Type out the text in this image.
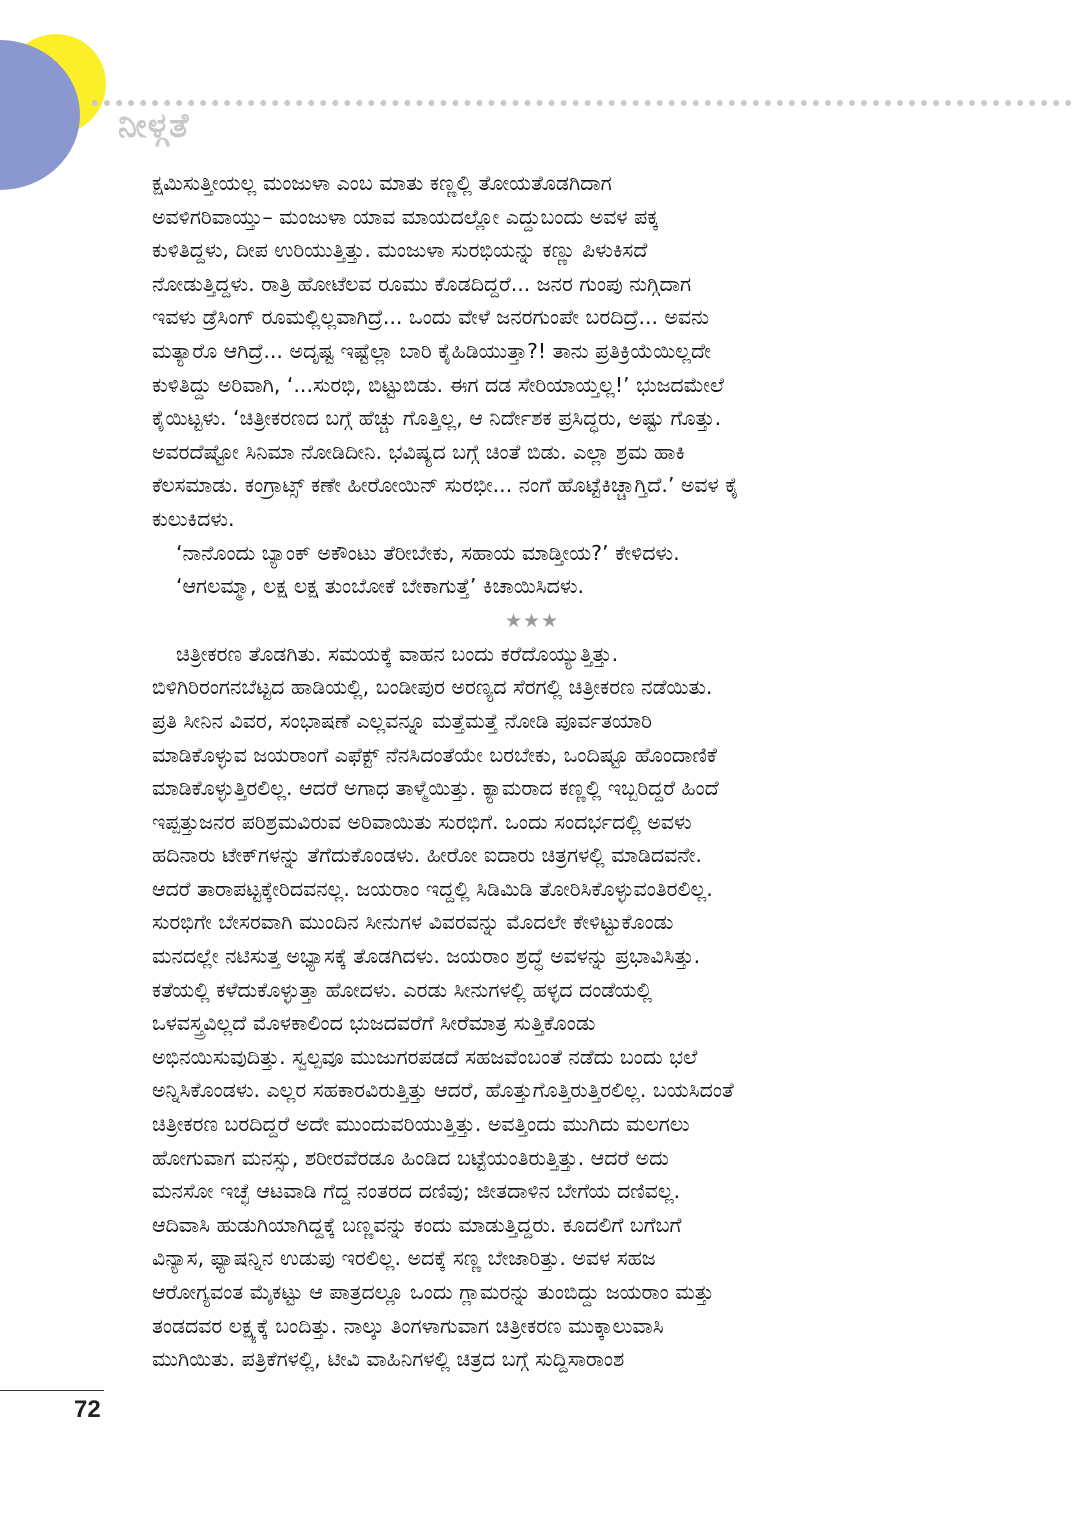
ನೀಳ್ಗತೆ

ಕ್ಷಮಿಸುತ್ತೀಯಲ್ಲ ಮಂಜುಳಾ ಎಂಬ ಮಾತು ಕಣ್ಣಲ್ಲಿ ತೋಯತೊಡಗಿದಾಗ

ಅವಳಿಗರಿವಾಯ್ತು– ಮಂಜುಳಾ ಯಾವ ಮಾಯದಲ್ಲೋ ಎದ್ದುಬಂದು ಅವಳ ಪಕ್ಕ

ಕುಳಿತಿದ್ದಳು, ದೀಪ ಉರಿಯುತ್ತಿತ್ತು. ಮಂಜುಳಾ ಸುರಭಿಯನ್ನು ಕಣ್ಣು ಪಿಳುಕಿಸದೆ

ನೋಡುತ್ತಿದ್ದಳು. ರಾತ್ರಿ ಹೋಟೆಲವ ರೂಮು ಕೊಡದಿದ್ದರೆ... ಜನರ ಗುಂಪು ನುಗ್ಗಿದಾಗ

ಇವಳು ಡ್ರೆಸಿಂಗ್ ರೂಮಲ್ಲಿಲ್ಲವಾಗಿದ್ರೆ... ಒಂದು ವೇಳೆ ಜನರಗುಂಪೇ ಬರದಿದ್ರೆ... ಅವನು

ಮತ್ಯಾರೊ ಆಗಿದ್ರೆ... ಅದೃಷ್ಟ ಇಷ್ಟೆಲ್ಲಾ ಬಾರಿ ಕೈಹಿಡಿಯುತ್ತಾ?! ತಾನು ಪ್ರತಿಕ್ರಿಯೆಯಿಲ್ಲದೇ

ಕುಳಿತಿದ್ದು ಅರಿವಾಗಿ, ‘...ಸುರಭಿ, ಬಿಟ್ಟುಬಿಡು. ಈಗ ದಡ ಸೇರಿಯಾಯ್ತಲ್ಲ!’ ಭುಜದಮೇಲೆ

ಕೈಯಿಟ್ಟಳು. ‘ಚಿತ್ರೀಕರಣದ ಬಗ್ಗೆ ಹೆಚ್ಚು ಗೊತ್ತಿಲ್ಲ, ಆ ನಿರ್ದೇಶಕ ಪ್ರಸಿದ್ಧರು, ಅಷ್ಟು ಗೊತ್ತು.

ಅವರದೆಷ್ಟೋ ಸಿನಿಮಾ ನೋಡಿದೀನಿ. ಭವಿಷ್ಯದ ಬಗ್ಗೆ ಚಿಂತೆ ಬಿಡು. ಎಲ್ಲಾ ಶ್ರಮ ಹಾಕಿ

ಕೆಲಸಮಾಡು. ಕಂಗ್ರಾಟ್ಸ್ ಕಣೇ ಹೀರೋಯಿನ್ ಸುರಭೀ... ನಂಗೆ ಹೊಟ್ಟೆಕಿಚ್ಚಾಗ್ತಿದೆ.’ ಅವಳ ಕೈ

ಕುಲುಕಿದಳು.

‘ನಾನೊಂದು ಬ್ಯಾಂಕ್ ಅಕೌಂಟು ತೆರೀಬೇಕು, ಸಹಾಯ ಮಾಡ್ತೀಯ?’ ಕೇಳಿದಳು.

‘ಆಗಲಮ್ಮಾ, ಲಕ್ಷ ಲಕ್ಷ ತುಂಬೋಕೆ ಬೇಕಾಗುತ್ತೆ’ ಕಿಚಾಯಿಸಿದಳು.

★★★

ಚಿತ್ರೀಕರಣ ತೊಡಗಿತು. ಸಮಯಕ್ಕೆ ವಾಹನ ಬಂದು ಕರೆದೊಯ್ಯುತ್ತಿತ್ತು.

ಬಿಳಿಗಿರಿರಂಗನಬೆಟ್ಟದ ಹಾಡಿಯಲ್ಲಿ, ಬಂಡೀಪುರ ಅರಣ್ಯದ ಸೆರಗಲ್ಲಿ ಚಿತ್ರೀಕರಣ ನಡೆಯಿತು.

ಪ್ರತಿ ಸೀನಿನ ವಿವರ, ಸಂಭಾಷಣೆ ಎಲ್ಲವನ್ನೂ ಮತ್ತೆಮತ್ತೆ ನೋಡಿ ಪೂರ್ವತಯಾರಿ

ಮಾಡಿಕೊಳ್ಳುವ ಜಯರಾಂಗೆ ಎಫೆಕ್ಟ್ ನೆನಸಿದಂತೆಯೇ ಬರಬೇಕು, ಒಂದಿಷ್ಟೂ ಹೊಂದಾಣಿಕೆ

ಮಾಡಿಕೊಳ್ಳುತ್ತಿರಲಿಲ್ಲ. ಆದರೆ ಅಗಾಧ ತಾಳ್ಮೆಯಿತ್ತು. ಕ್ಯಾಮರಾದ ಕಣ್ಣಲ್ಲಿ ಇಬ್ಬರಿದ್ದರೆ ಹಿಂದೆ

ಇಪ್ಪತ್ತುಜನರ ಪರಿಶ್ರಮವಿರುವ ಅರಿವಾಯಿತು ಸುರಭಿಗೆ. ಒಂದು ಸಂದರ್ಭದಲ್ಲಿ ಅವಳು

ಹದಿನಾರು ಟೇಕ್‌ಗಳನ್ನು ತೆಗೆದುಕೊಂಡಳು. ಹೀರೋ ಐದಾರು ಚಿತ್ರಗಳಲ್ಲಿ ಮಾಡಿದವನೇ.

ಆದರೆ ತಾರಾಪಟ್ಟಕ್ಕೇರಿದವನಲ್ಲ. ಜಯರಾಂ ಇದ್ದಲ್ಲಿ ಸಿಡಿಮಿಡಿ ತೋರಿಸಿಕೊಳ್ಳುವಂತಿರಲಿಲ್ಲ.

ಸುರಭಿಗೇ ಬೇಸರವಾಗಿ ಮುಂದಿನ ಸೀನುಗಳ ವಿವರವನ್ನು ಮೊದಲೇ ಕೇಳಿಟ್ಟುಕೊಂಡು

ಮನದಲ್ಲೇ ನಟಿಸುತ್ತ ಅಭ್ಯಾಸಕ್ಕೆ ತೊಡಗಿದಳು. ಜಯರಾಂ ಶ್ರದ್ಧೆ ಅವಳನ್ನು ಪ್ರಭಾವಿಸಿತ್ತು.

ಕತೆಯಲ್ಲಿ ಕಳೆದುಕೊಳ್ಳುತ್ತಾ ಹೋದಳು. ಎರಡು ಸೀನುಗಳಲ್ಲಿ ಹಳ್ಳದ ದಂಡೆಯಲ್ಲಿ

ಒಳವಸ್ತ್ರವಿಲ್ಲದೆ ಮೊಳಕಾಲಿಂದ ಭುಜದವರೆಗೆ ಸೀರೆಮಾತ್ರ ಸುತ್ತಿಕೊಂಡು

ಅಭಿನಯಿಸುವುದಿತ್ತು. ಸ್ವಲ್ಪವೂ ಮುಜುಗರಪಡದೆ ಸಹಜವೆಂಬಂತೆ ನಡೆದು ಬಂದು ಭಲೆ

ಅನ್ನಿಸಿಕೊಂಡಳು. ಎಲ್ಲರ ಸಹಕಾರವಿರುತ್ತಿತ್ತು ಆದರೆ, ಹೊತ್ತುಗೊತ್ತಿರುತ್ತಿರಲಿಲ್ಲ. ಬಯಸಿದಂತೆ

ಚಿತ್ರೀಕರಣ ಬರದಿದ್ದರೆ ಅದೇ ಮುಂದುವರಿಯುತ್ತಿತ್ತು. ಅವತ್ತಿಂದು ಮುಗಿದು ಮಲಗಲು

ಹೋಗುವಾಗ ಮನಸ್ಸು, ಶರೀರವೆರಡೂ ಹಿಂಡಿದ ಬಟ್ಟೆಯಂತಿರುತ್ತಿತ್ತು. ಆದರೆ ಅದು

ಮನಸೋ ಇಚ್ಛೆ ಆಟವಾಡಿ ಗೆದ್ದ ನಂತರದ ದಣಿವು; ಜೀತದಾಳಿನ ಬೇಗೆಯ ದಣಿವಲ್ಲ.

ಆದಿವಾಸಿ ಹುಡುಗಿಯಾಗಿದ್ದಕ್ಕೆ ಬಣ್ಣವನ್ನು ಕಂದು ಮಾಡುತ್ತಿದ್ದರು. ಕೂದಲಿಗೆ ಬಗೆಬಗೆ

ವಿನ್ಯಾಸ, ಫ್ಯಾಷನ್ನಿನ ಉಡುಪು ಇರಲಿಲ್ಲ. ಅದಕ್ಕೆ ಸಣ್ಣ ಬೇಜಾರಿತ್ತು. ಅವಳ ಸಹಜ

ಆರೋಗ್ಯವಂತ ಮೈಕಟ್ಟು ಆ ಪಾತ್ರದಲ್ಲೂ ಒಂದು ಗ್ಲಾಮರನ್ನು ತುಂಬಿದ್ದು ಜಯರಾಂ ಮತ್ತು

ತಂಡದವರ ಲಕ್ಷ್ಯಕ್ಕೆ ಬಂದಿತ್ತು. ನಾಲ್ಕು ತಿಂಗಳಾಗುವಾಗ ಚಿತ್ರೀಕರಣ ಮುಕ್ಕಾಲುವಾಸಿ

ಮುಗಿಯಿತು. ಪತ್ರಿಕೆಗಳಲ್ಲಿ, ಟೀವಿ ವಾಹಿನಿಗಳಲ್ಲಿ ಚಿತ್ರದ ಬಗ್ಗೆ ಸುದ್ದಿಸಾರಾಂಶ

72
